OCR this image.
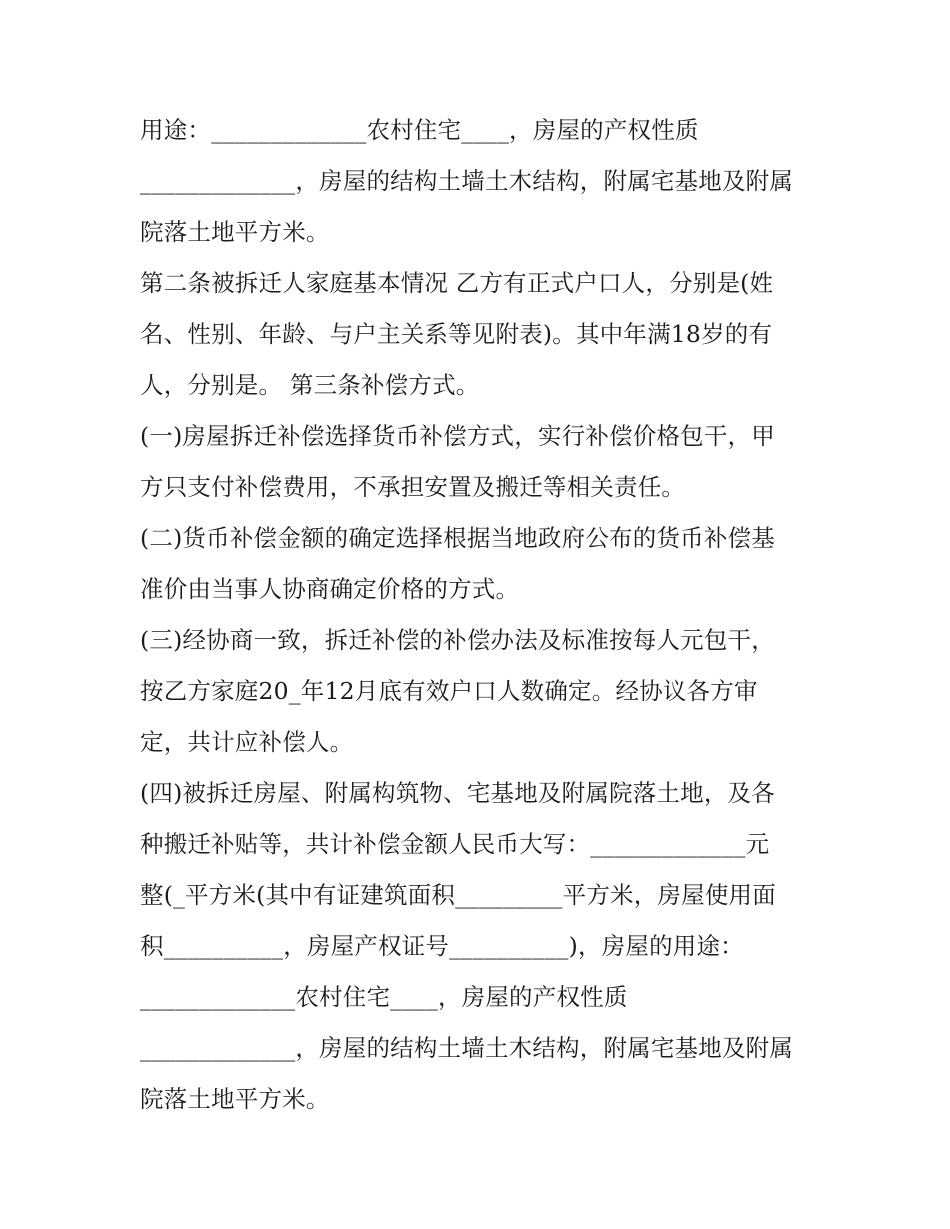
用途：_____________农村住宅____，房屋的产权性质
_____________，房屋的结构土墙土木结构，附属宅基地及附属
院落土地平方米。
第二条被拆迁人家庭基本情况 乙方有正式户口人，分别是(姓
名、性别、年龄、与户主关系等见附表)。其中年满18岁的有
人，分别是。 第三条补偿方式。
(一)房屋拆迁补偿选择货币补偿方式，实行补偿价格包干，甲
方只支付补偿费用，不承担安置及搬迁等相关责任。
(二)货币补偿金额的确定选择根据当地政府公布的货币补偿基
准价由当事人协商确定价格的方式。
(三)经协商一致，拆迁补偿的补偿办法及标准按每人元包干，
按乙方家庭20_年12月底有效户口人数确定。经协议各方审
定，共计应补偿人。
(四)被拆迁房屋、附属构筑物、宅基地及附属院落土地，及各
种搬迁补贴等，共计补偿金额人民币大写：_____________元
整(_平方米(其中有证建筑面积_________平方米，房屋使用面
积__________，房屋产权证号__________)，房屋的用途：
_____________农村住宅____，房屋的产权性质
_____________，房屋的结构土墙土木结构，附属宅基地及附属
院落土地平方米。
